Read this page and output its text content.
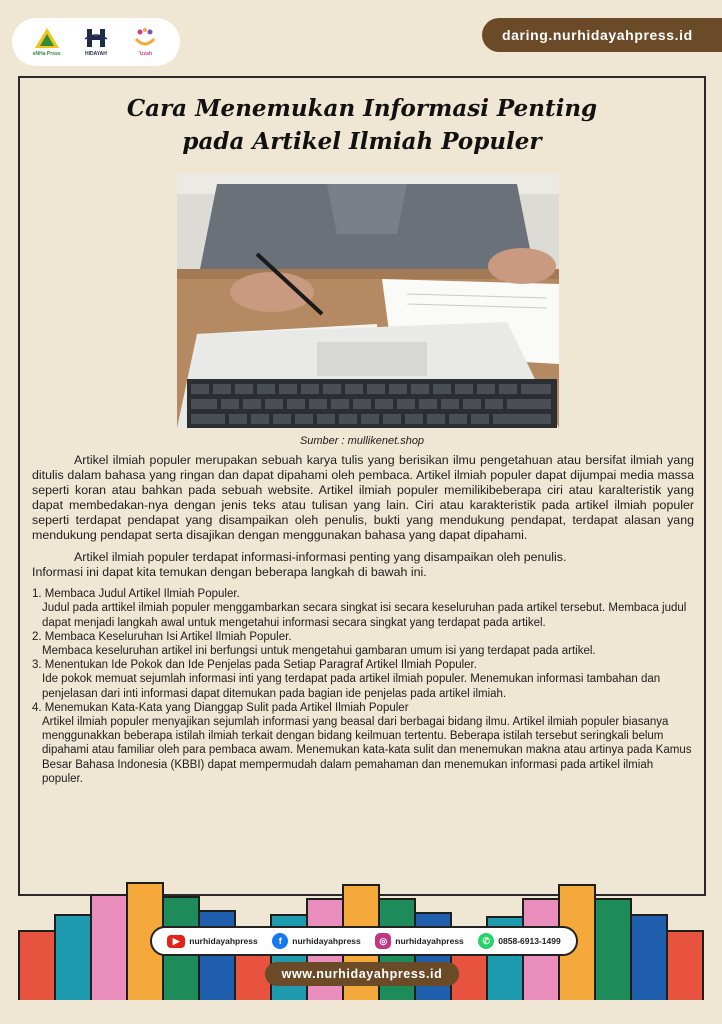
eNHa Press	HIDAYAH	'izzah
daring.nurhidayahpress.id
Cara Menemukan Informasi Penting
pada Artikel Ilmiah Populer
Sumber : mullikenet.shop

Artikel ilmiah populer merupakan sebuah karya tulis yang berisikan ilmu pengetahuan atau bersifat ilmiah yang ditulis dalam bahasa yang ringan dan dapat dipahami oleh pembaca. Artikel ilmiah populer dapat dijumpai media massa seperti koran atau bahkan pada sebuah website. Artikel ilmiah populer memilikibeberapa ciri atau karalteristik yang dapat membedakan-nya dengan jenis teks atau tulisan yang lain. Ciri atau karakteristik pada artikel ilmiah populer seperti terdapat pendapat yang disampaikan oleh penulis, bukti yang mendukung pendapat, terdapat alasan yang mendukung pendapat serta disajikan dengan menggunakan bahasa yang dapat dipahami.

Artikel ilmiah populer terdapat informasi-informasi penting yang disampaikan oleh penulis.

Informasi ini dapat kita temukan dengan beberapa langkah di bawah ini.

1. Membaca Judul Artikel Ilmiah Populer.
Judul pada arttikel ilmiah populer menggambarkan secara singkat isi secara keseluruhan pada artikel tersebut. Membaca judul dapat menjadi langkah awal untuk mengetahui informasi secara singkat yang terdapat pada artikel.
2. Membaca Keseluruhan Isi Artikel Ilmiah Populer.
Membaca keseluruhan artikel ini berfungsi untuk mengetahui gambaran umum isi yang terdapat pada artikel.
3. Menentukan Ide Pokok dan Ide Penjelas pada Setiap Paragraf Artikel Ilmiah Populer.
Ide pokok memuat sejumlah informasi inti yang terdapat pada artikel ilmiah populer. Menemukan informasi tambahan dan penjelasan dari inti informasi dapat ditemukan pada bagian ide penjelas pada artikel ilmiah.
4. Menemukan Kata-Kata yang Dianggap Sulit pada Artikel Ilmiah Populer
Artikel ilmiah populer menyajikan sejumlah informasi yang beasal dari berbagai bidang ilmu. Artikel ilmiah populer biasanya menggunakkan beberapa istilah ilmiah terkait dengan bidang keilmuan tertentu. Beberapa istilah tersebut seringkali belum dipahami atau familiar oleh para pembaca awam. Menemukan kata-kata sulit dan menemukan makna atau artinya pada Kamus Besar Bahasa Indonesia (KBBI) dapat mempermudah dalam pemahaman dan menemukan informasi pada artikel ilmiah populer.
▶	nurhidayahpress	f	nurhidayahpress	◎ nurhidayahpress	✆ 0858-6913-1499
www.nurhidayahpress.id
